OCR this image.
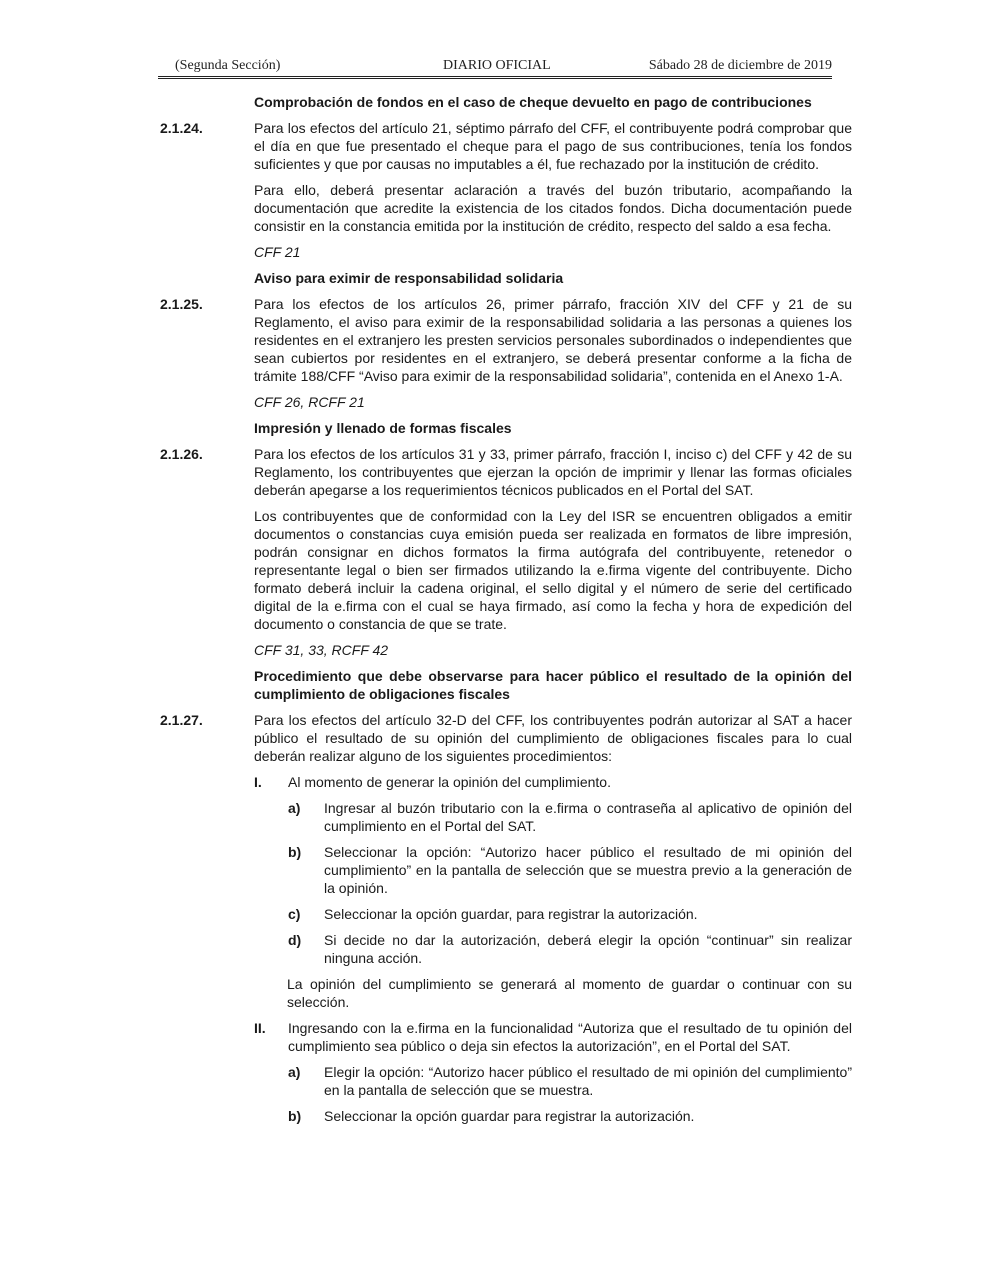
(Segunda Sección)	DIARIO OFICIAL	Sábado 28 de diciembre de 2019

Comprobación de fondos en el caso de cheque devuelto en pago de contribuciones

2.1.24.	Para los efectos del artículo 21, séptimo párrafo del CFF, el contribuyente podrá comprobar que el día en que fue presentado el cheque para el pago de sus contribuciones, tenía los fondos suficientes y que por causas no imputables a él, fue rechazado por la institución de crédito.

Para ello, deberá presentar aclaración a través del buzón tributario, acompañando la documentación que acredite la existencia de los citados fondos. Dicha documentación puede consistir en la constancia emitida por la institución de crédito, respecto del saldo a esa fecha.

CFF 21

Aviso para eximir de responsabilidad solidaria

2.1.25.	Para los efectos de los artículos 26, primer párrafo, fracción XIV del CFF y 21 de su Reglamento, el aviso para eximir de la responsabilidad solidaria a las personas a quienes los residentes en el extranjero les presten servicios personales subordinados o independientes que sean cubiertos por residentes en el extranjero, se deberá presentar conforme a la ficha de trámite 188/CFF “Aviso para eximir de la responsabilidad solidaria”, contenida en el Anexo 1-A.

CFF 26, RCFF 21

Impresión y llenado de formas fiscales

2.1.26.	Para los efectos de los artículos 31 y 33, primer párrafo, fracción I, inciso c) del CFF y 42 de su Reglamento, los contribuyentes que ejerzan la opción de imprimir y llenar las formas oficiales deberán apegarse a los requerimientos técnicos publicados en el Portal del SAT.

Los contribuyentes que de conformidad con la Ley del ISR se encuentren obligados a emitir documentos o constancias cuya emisión pueda ser realizada en formatos de libre impresión, podrán consignar en dichos formatos la firma autógrafa del contribuyente, retenedor o representante legal o bien ser firmados utilizando la e.firma vigente del contribuyente. Dicho formato deberá incluir la cadena original, el sello digital y el número de serie del certificado digital de la e.firma con el cual se haya firmado, así como la fecha y hora de expedición del documento o constancia de que se trate.

CFF 31, 33, RCFF 42

Procedimiento que debe observarse para hacer público el resultado de la opinión del cumplimiento de obligaciones fiscales

2.1.27.	Para los efectos del artículo 32-D del CFF, los contribuyentes podrán autorizar al SAT a hacer público el resultado de su opinión del cumplimiento de obligaciones fiscales para lo cual deberán realizar alguno de los siguientes procedimientos:

I. Al momento de generar la opinión del cumplimiento.

a) Ingresar al buzón tributario con la e.firma o contraseña al aplicativo de opinión del cumplimiento en el Portal del SAT.

b) Seleccionar la opción: “Autorizo hacer público el resultado de mi opinión del cumplimiento” en la pantalla de selección que se muestra previo a la generación de la opinión.

c) Seleccionar la opción guardar, para registrar la autorización.

d) Si decide no dar la autorización, deberá elegir la opción “continuar” sin realizar ninguna acción.

La opinión del cumplimiento se generará al momento de guardar o continuar con su selección.

II. Ingresando con la e.firma en la funcionalidad “Autoriza que el resultado de tu opinión del cumplimiento sea público o deja sin efectos la autorización”, en el Portal del SAT.

a) Elegir la opción: “Autorizo hacer público el resultado de mi opinión del cumplimiento” en la pantalla de selección que se muestra.

b) Seleccionar la opción guardar para registrar la autorización.
